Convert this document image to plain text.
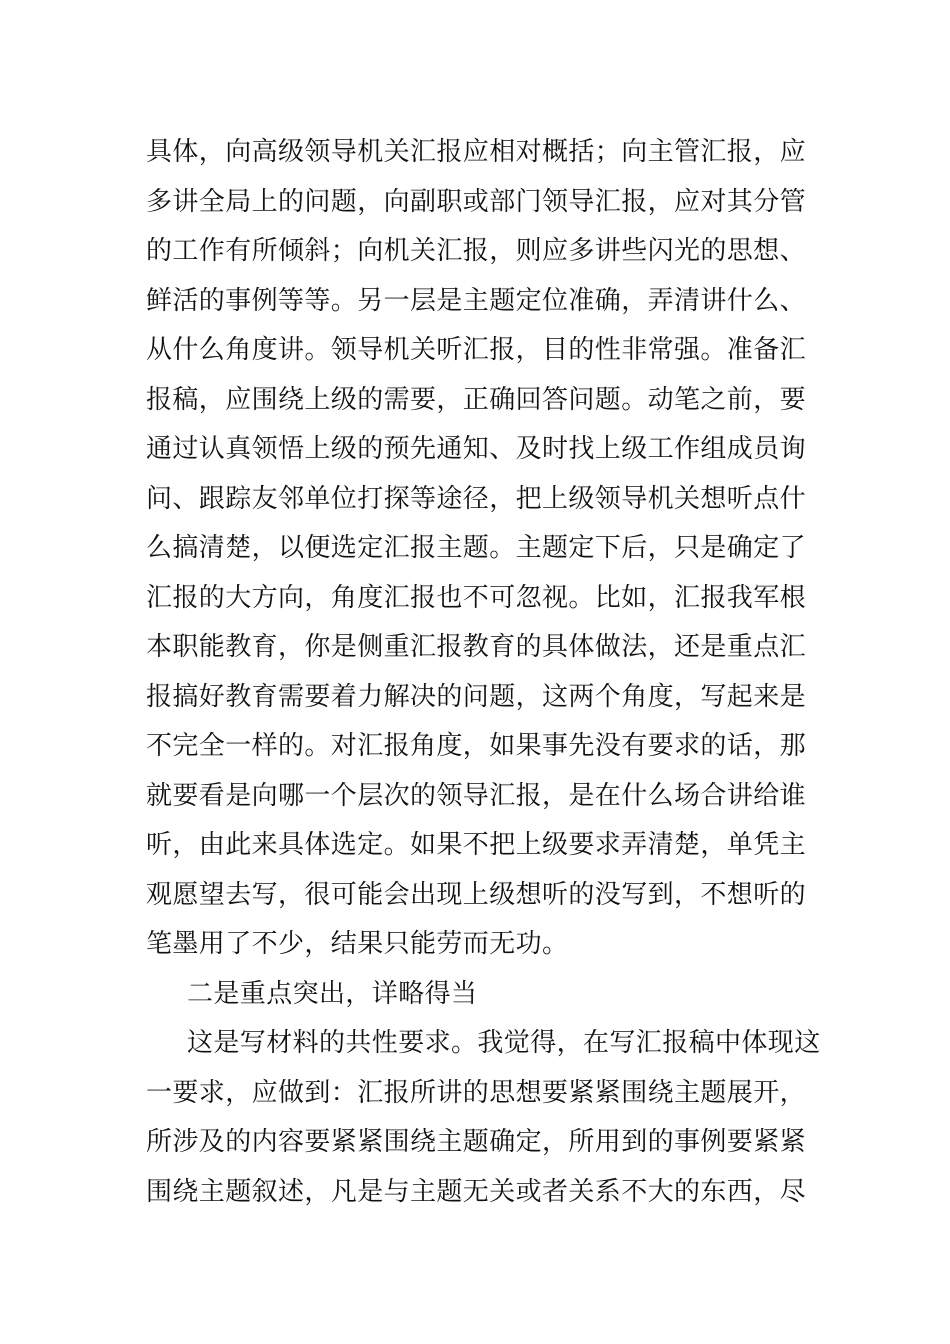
具体，向高级领导机关汇报应相对概括；向主管汇报，应
多讲全局上的问题，向副职或部门领导汇报，应对其分管
的工作有所倾斜；向机关汇报，则应多讲些闪光的思想、
鲜活的事例等等。另一层是主题定位准确，弄清讲什么、
从什么角度讲。领导机关听汇报，目的性非常强。准备汇
报稿，应围绕上级的需要，正确回答问题。动笔之前，要
通过认真领悟上级的预先通知、及时找上级工作组成员询
问、跟踪友邻单位打探等途径，把上级领导机关想听点什
么搞清楚，以便选定汇报主题。主题定下后，只是确定了
汇报的大方向，角度汇报也不可忽视。比如，汇报我军根
本职能教育，你是侧重汇报教育的具体做法，还是重点汇
报搞好教育需要着力解决的问题，这两个角度，写起来是
不完全一样的。对汇报角度，如果事先没有要求的话，那
就要看是向哪一个层次的领导汇报，是在什么场合讲给谁
听，由此来具体选定。如果不把上级要求弄清楚，单凭主
观愿望去写，很可能会出现上级想听的没写到，不想听的
笔墨用了不少，结果只能劳而无功。
二是重点突出，详略得当
这是写材料的共性要求。我觉得，在写汇报稿中体现这
一要求，应做到：汇报所讲的思想要紧紧围绕主题展开，
所涉及的内容要紧紧围绕主题确定，所用到的事例要紧紧
围绕主题叙述，凡是与主题无关或者关系不大的东西，尽
